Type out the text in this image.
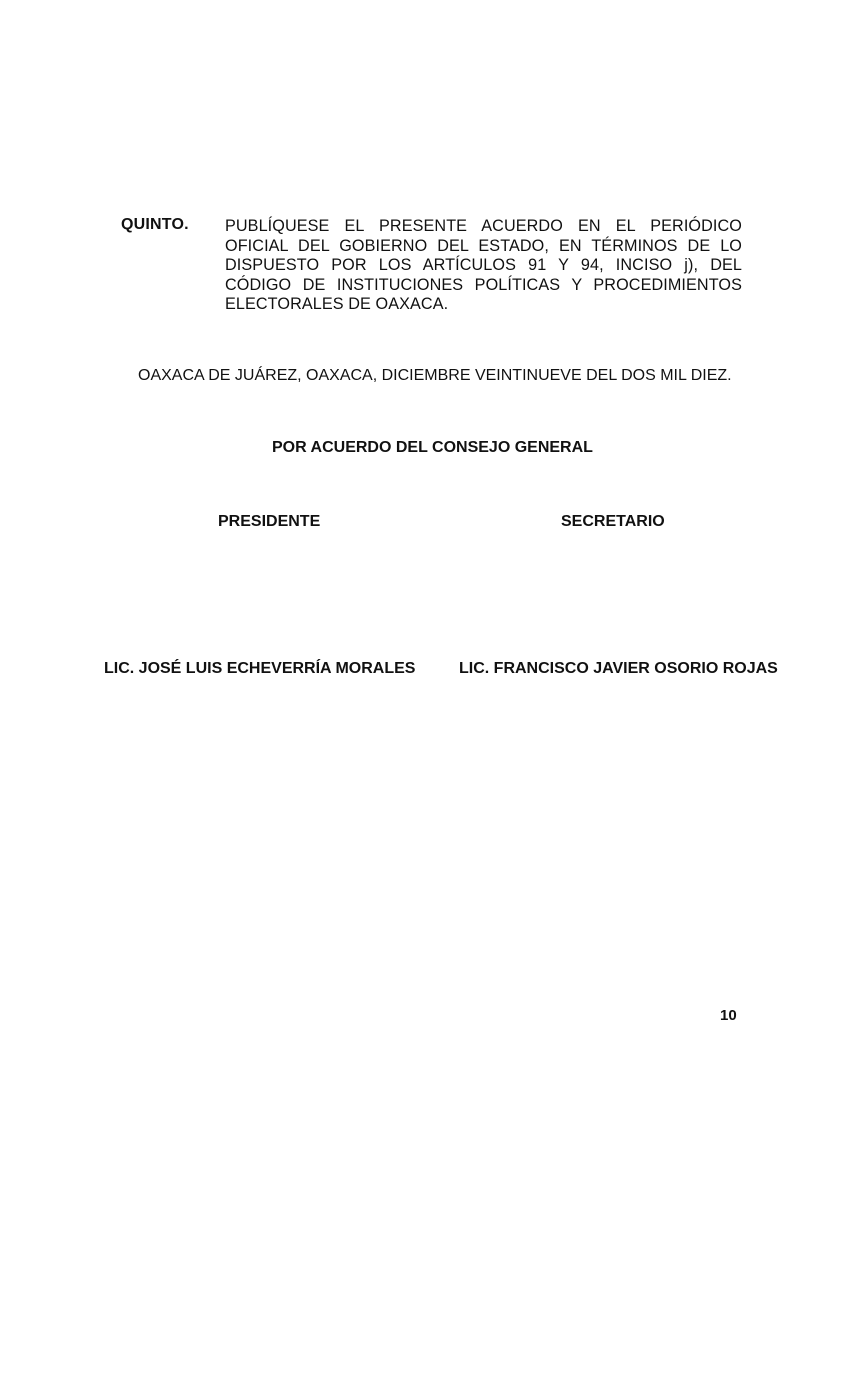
QUINTO. PUBLÍQUESE EL PRESENTE ACUERDO EN EL PERIÓDICO OFICIAL DEL GOBIERNO DEL ESTADO, EN TÉRMINOS DE LO DISPUESTO POR LOS ARTÍCULOS 91 Y 94, INCISO j), DEL CÓDIGO DE INSTITUCIONES POLÍTICAS Y PROCEDIMIENTOS ELECTORALES DE OAXACA.
OAXACA DE JUÁREZ, OAXACA, DICIEMBRE VEINTINUEVE DEL DOS MIL DIEZ.
POR ACUERDO DEL CONSEJO GENERAL
PRESIDENTE	SECRETARIO
LIC. JOSÉ LUIS ECHEVERRÍA MORALES	LIC. FRANCISCO JAVIER OSORIO ROJAS
10
